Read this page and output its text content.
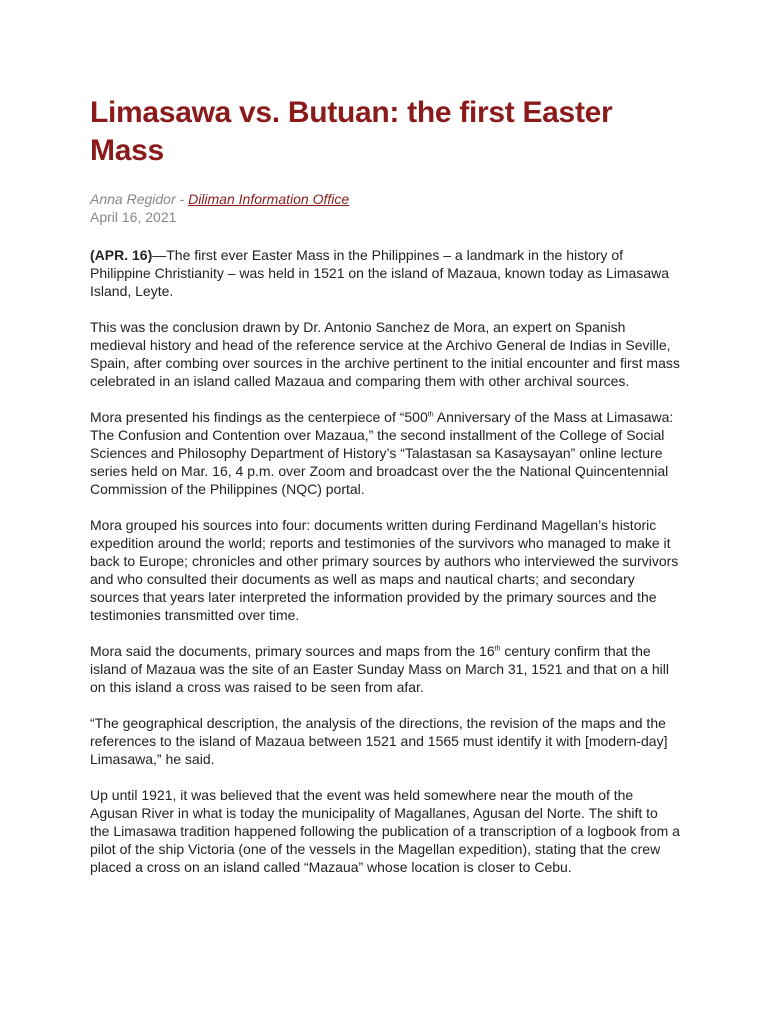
Limasawa vs. Butuan: the first Easter Mass
Anna Regidor - Diliman Information Office
April 16, 2021

(APR. 16)—The first ever Easter Mass in the Philippines – a landmark in the history of Philippine Christianity – was held in 1521 on the island of Mazaua, known today as Limasawa Island, Leyte.

This was the conclusion drawn by Dr. Antonio Sanchez de Mora, an expert on Spanish medieval history and head of the reference service at the Archivo General de Indias in Seville, Spain, after combing over sources in the archive pertinent to the initial encounter and first mass celebrated in an island called Mazaua and comparing them with other archival sources.

Mora presented his findings as the centerpiece of “500th Anniversary of the Mass at Limasawa: The Confusion and Contention over Mazaua,” the second installment of the College of Social Sciences and Philosophy Department of History’s “Talastasan sa Kasaysayan” online lecture series held on Mar. 16, 4 p.m. over Zoom and broadcast over the the National Quincentennial Commission of the Philippines (NQC) portal.

Mora grouped his sources into four: documents written during Ferdinand Magellan’s historic expedition around the world; reports and testimonies of the survivors who managed to make it back to Europe; chronicles and other primary sources by authors who interviewed the survivors and who consulted their documents as well as maps and nautical charts; and secondary sources that years later interpreted the information provided by the primary sources and the testimonies transmitted over time.

Mora said the documents, primary sources and maps from the 16th century confirm that the island of Mazaua was the site of an Easter Sunday Mass on March 31, 1521 and that on a hill on this island a cross was raised to be seen from afar.

“The geographical description, the analysis of the directions, the revision of the maps and the references to the island of Mazaua between 1521 and 1565 must identify it with [modern-day] Limasawa,” he said.

Up until 1921, it was believed that the event was held somewhere near the mouth of the Agusan River in what is today the municipality of Magallanes, Agusan del Norte. The shift to the Limasawa tradition happened following the publication of a transcription of a logbook from a pilot of the ship Victoria (one of the vessels in the Magellan expedition), stating that the crew placed a cross on an island called “Mazaua” whose location is closer to Cebu.
